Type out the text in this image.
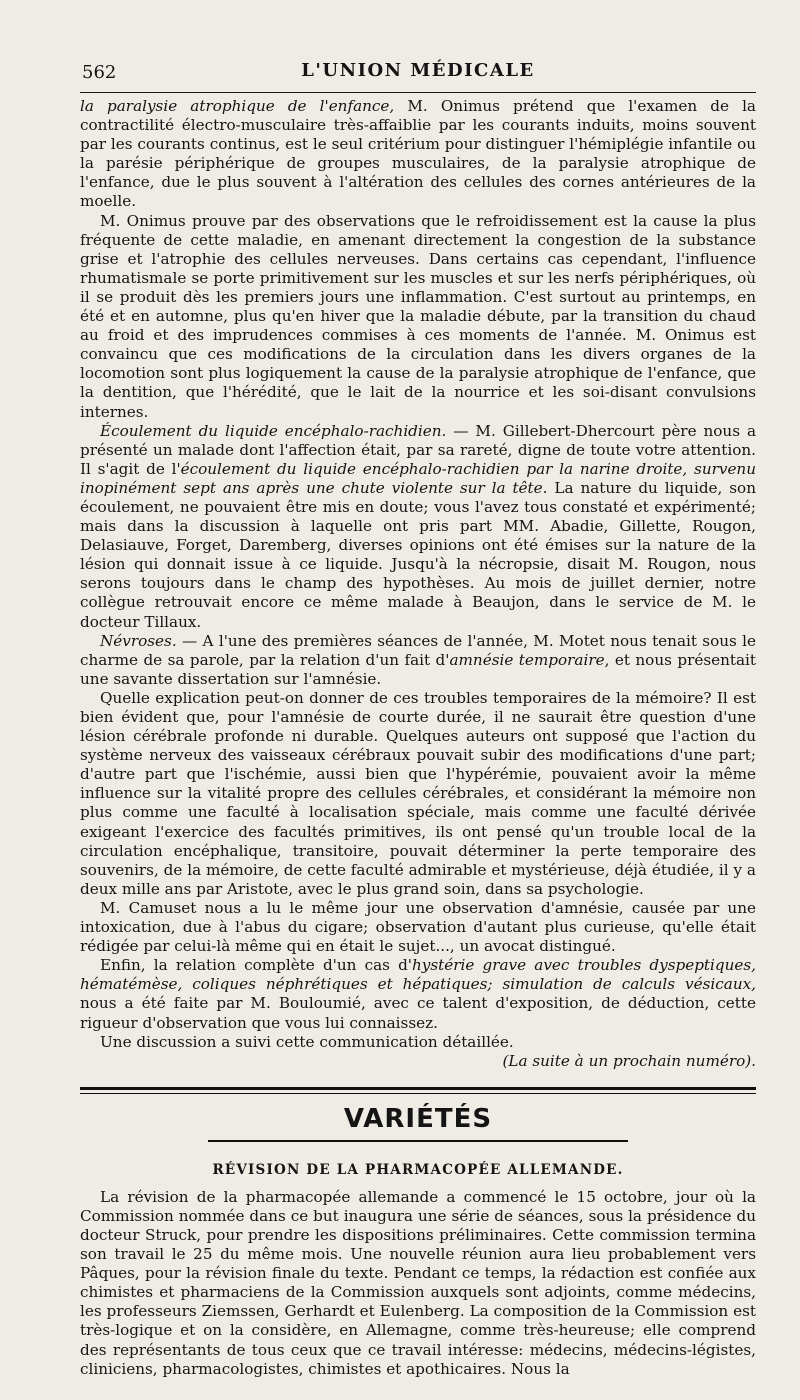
562	L'UNION MÉDICALE

la paralysie atrophique de l'enfance, M. Onimus prétend que l'examen de la contractilité électro-musculaire très-affaiblie par les courants induits, moins souvent par les courants continus, est le seul critérium pour distinguer l'hémiplégie infantile ou la parésie périphérique de groupes musculaires, de la paralysie atrophique de l'enfance, due le plus souvent à l'altération des cellules des cornes antérieures de la moelle.

M. Onimus prouve par des observations que le refroidissement est la cause la plus fréquente de cette maladie, en amenant directement la congestion de la substance grise et l'atrophie des cellules nerveuses. Dans certains cas cependant, l'influence rhumatismale se porte primitivement sur les muscles et sur les nerfs périphériques, où il se produit dès les premiers jours une inflammation. C'est surtout au printemps, en été et en automne, plus qu'en hiver que la maladie débute, par la transition du chaud au froid et des imprudences commises à ces moments de l'année. M. Onimus est convaincu que ces modifications de la circulation dans les divers organes de la locomotion sont plus logiquement la cause de la paralysie atrophique de l'enfance, que la dentition, que l'hérédité, que le lait de la nourrice et les soi-disant convulsions internes.

Écoulement du liquide encéphalo-rachidien. — M. Gillebert-Dhercourt père nous a présenté un malade dont l'affection était, par sa rareté, digne de toute votre attention. Il s'agit de l'écoulement du liquide encéphalo-rachidien par la narine droite, survenu inopinément sept ans après une chute violente sur la tête. La nature du liquide, son écoulement, ne pouvaient être mis en doute; vous l'avez tous constaté et expérimenté; mais dans la discussion à laquelle ont pris part MM. Abadie, Gillette, Rougon, Delasiauve, Forget, Daremberg, diverses opinions ont été émises sur la nature de la lésion qui donnait issue à ce liquide. Jusqu'à la nécropsie, disait M. Rougon, nous serons toujours dans le champ des hypothèses. Au mois de juillet dernier, notre collègue retrouvait encore ce même malade à Beaujon, dans le service de M. le docteur Tillaux.

Névroses. — A l'une des premières séances de l'année, M. Motet nous tenait sous le charme de sa parole, par la relation d'un fait d'amnésie temporaire, et nous présentait une savante dissertation sur l'amnésie.

Quelle explication peut-on donner de ces troubles temporaires de la mémoire? Il est bien évident que, pour l'amnésie de courte durée, il ne saurait être question d'une lésion cérébrale profonde ni durable. Quelques auteurs ont supposé que l'action du système nerveux des vaisseaux cérébraux pouvait subir des modifications d'une part; d'autre part que l'ischémie, aussi bien que l'hypérémie, pouvaient avoir la même influence sur la vitalité propre des cellules cérébrales, et considérant la mémoire non plus comme une faculté à localisation spéciale, mais comme une faculté dérivée exigeant l'exercice des facultés primitives, ils ont pensé qu'un trouble local de la circulation encéphalique, transitoire, pouvait déterminer la perte temporaire des souvenirs, de la mémoire, de cette faculté admirable et mystérieuse, déjà étudiée, il y a deux mille ans par Aristote, avec le plus grand soin, dans sa psychologie.

M. Camuset nous a lu le même jour une observation d'amnésie, causée par une intoxication, due à l'abus du cigare; observation d'autant plus curieuse, qu'elle était rédigée par celui-là même qui en était le sujet..., un avocat distingué.

Enfin, la relation complète d'un cas d'hystérie grave avec troubles dyspeptiques, hématémèse, coliques néphrétiques et hépatiques; simulation de calculs vésicaux, nous a été faite par M. Bouloumié, avec ce talent d'exposition, de déduction, cette rigueur d'observation que vous lui connaissez.

Une discussion a suivi cette communication détaillée.

(La suite à un prochain numéro).

VARIÉTÉS
RÉVISION DE LA PHARMACOPÉE ALLEMANDE.

La révision de la pharmacopée allemande a commencé le 15 octobre, jour où la Commission nommée dans ce but inaugura une série de séances, sous la présidence du docteur Struck, pour prendre les dispositions préliminaires. Cette commission termina son travail le 25 du même mois. Une nouvelle réunion aura lieu probablement vers Pâques, pour la révision finale du texte. Pendant ce temps, la rédaction est confiée aux chimistes et pharmaciens de la Commission auxquels sont adjoints, comme médecins, les professeurs Ziemssen, Gerhardt et Eulenberg. La composition de la Commission est très-logique et on la considère, en Allemagne, comme très-heureuse; elle comprend des représentants de tous ceux que ce travail intéresse: médecins, médecins-légistes, cliniciens, pharmacologistes, chimistes et apothicaires. Nous la
